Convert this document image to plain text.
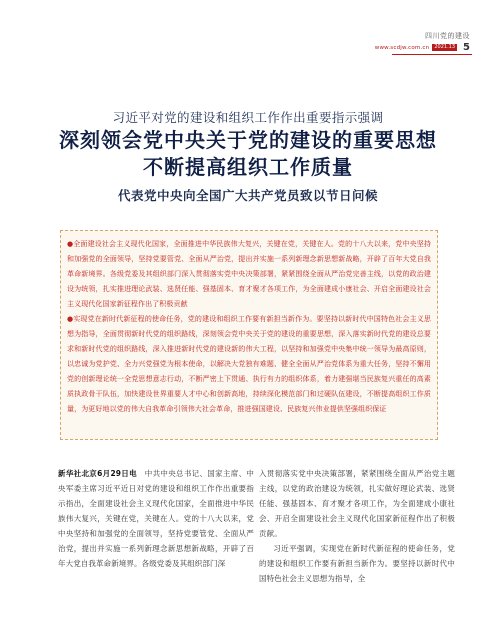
四川党的建设
www.scdjw.com.cn	2021.13 5
习近平对党的建设和组织工作作出重要指示强调
深刻领会党中央关于党的建设的重要思想
不断提高组织工作质量
代表党中央向全国广大共产党员致以节日问候

●全面建设社会主义现代化国家，全面推进中华民族伟大复兴，关键在党，关键在人。党的十八大以来，党中央坚持和加强党的全面领导，坚持党要管党、全面从严治党，提出并实施一系列新理念新思想新战略，开辟了百年大党自我革命新境界。各级党委及其组织部门深入贯彻落实党中央决策部署，紧紧围绕全面从严治党完善主线，以党的政治建设为统领，扎实推进理论武装、选贤任能、强基固本、育才聚才各项工作，为全面建成小康社会、开启全面建设社会主义现代化国家新征程作出了积极贡献

●实现党在新时代新征程的使命任务，党的建设和组织工作要有新担当新作为。要坚持以新时代中国特色社会主义思想为指导，全面贯彻新时代党的组织路线，深刻领会党中央关于党的建设的重要思想，深入落实新时代党的建设总要求和新时代党的组织路线，深入推进新时代党的建设新的伟大工程，以坚持和加强党中央集中统一领导为最高原则，以忠诚为党护党、全力兴党强党为根本使命，以解决大党独有难题、健全全面从严治党体系为重大任务，坚持不懈用党的创新理论统一全党思想意志行动，不断严密上下贯通、执行有力的组织体系，着力建强堪当民族复兴重任的高素质执政骨干队伍，加快建设世界重要人才中心和创新高地，持续深化模范部门和过硬队伍建设，不断提高组织工作质量，为更好地以党的伟大自我革命引领伟大社会革命，推进强国建设、民族复兴伟业提供坚强组织保证

新华社北京6月29日电　中共中央总书记、国家主席、中央军委主席习近平近日对党的建设和组织工作作出重要指示指出，全面建设社会主义现代化国家，全面推进中华民族伟大复兴，关键在党，关键在人。党的十八大以来，党中央坚持和加强党的全面领导，坚持党要管党、全面从严治党，提出并实施一系列新理念新思想新战略，开辟了百年大党自我革命新境界。各级党委及其组织部门深

入贯彻落实党中央决策部署，紧紧围绕全面从严治党主题主线，以党的政治建设为统领，扎实做好理论武装、选贤任能、强基固本、育才聚才各项工作，为全面建成小康社会、开启全面建设社会主义现代化国家新征程作出了积极贡献。

习近平强调，实现党在新时代新征程的使命任务，党的建设和组织工作要有新担当新作为。要坚持以新时代中国特色社会主义思想为指导，全
